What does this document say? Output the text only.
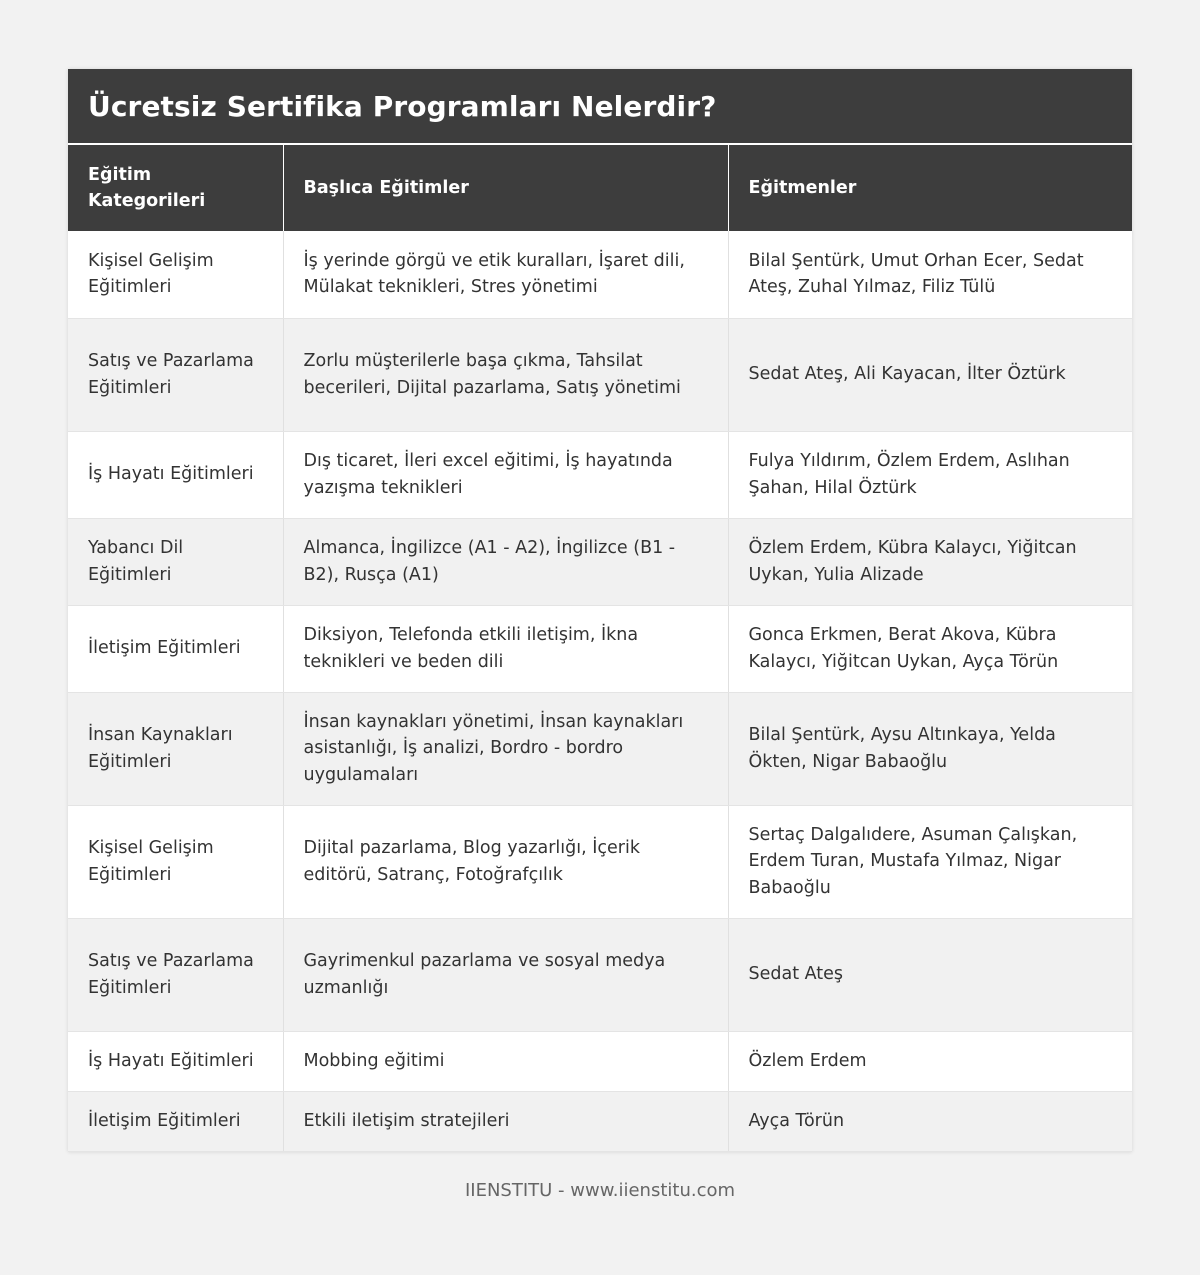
Ücretsiz Sertifika Programları Nelerdir?
Eğitim Kategorileri	Başlıca Eğitimler	Eğitmenler
Kişisel Gelişim Eğitimleri	İş yerinde görgü ve etik kuralları, İşaret dili, Mülakat teknikleri, Stres yönetimi	Bilal Şentürk, Umut Orhan Ecer, Sedat Ateş, Zuhal Yılmaz, Filiz Tülü
Satış ve Pazarlama Eğitimleri	Zorlu müşterilerle başa çıkma, Tahsilat becerileri, Dijital pazarlama, Satış yönetimi	Sedat Ateş, Ali Kayacan, İlter Öztürk
İş Hayatı Eğitimleri	Dış ticaret, İleri excel eğitimi, İş hayatında yazışma teknikleri	Fulya Yıldırım, Özlem Erdem, Aslıhan Şahan, Hilal Öztürk
Yabancı Dil Eğitimleri	Almanca, İngilizce (A1 - A2), İngilizce (B1 - B2), Rusça (A1)	Özlem Erdem, Kübra Kalaycı, Yiğitcan Uykan, Yulia Alizade
İletişim Eğitimleri	Diksiyon, Telefonda etkili iletişim, İkna teknikleri ve beden dili	Gonca Erkmen, Berat Akova, Kübra Kalaycı, Yiğitcan Uykan, Ayça Törün
İnsan Kaynakları Eğitimleri	İnsan kaynakları yönetimi, İnsan kaynakları asistanlığı, İş analizi, Bordro - bordro uygulamaları	Bilal Şentürk, Aysu Altınkaya, Yelda Ökten, Nigar Babaoğlu
Kişisel Gelişim Eğitimleri	Dijital pazarlama, Blog yazarlığı, İçerik editörü, Satranç, Fotoğrafçılık	Sertaç Dalgalıdere, Asuman Çalışkan, Erdem Turan, Mustafa Yılmaz, Nigar Babaoğlu
Satış ve Pazarlama Eğitimleri	Gayrimenkul pazarlama ve sosyal medya uzmanlığı	Sedat Ateş
İş Hayatı Eğitimleri	Mobbing eğitimi	Özlem Erdem
İletişim Eğitimleri	Etkili iletişim stratejileri	Ayça Törün
IIENSTITU - www.iienstitu.com
